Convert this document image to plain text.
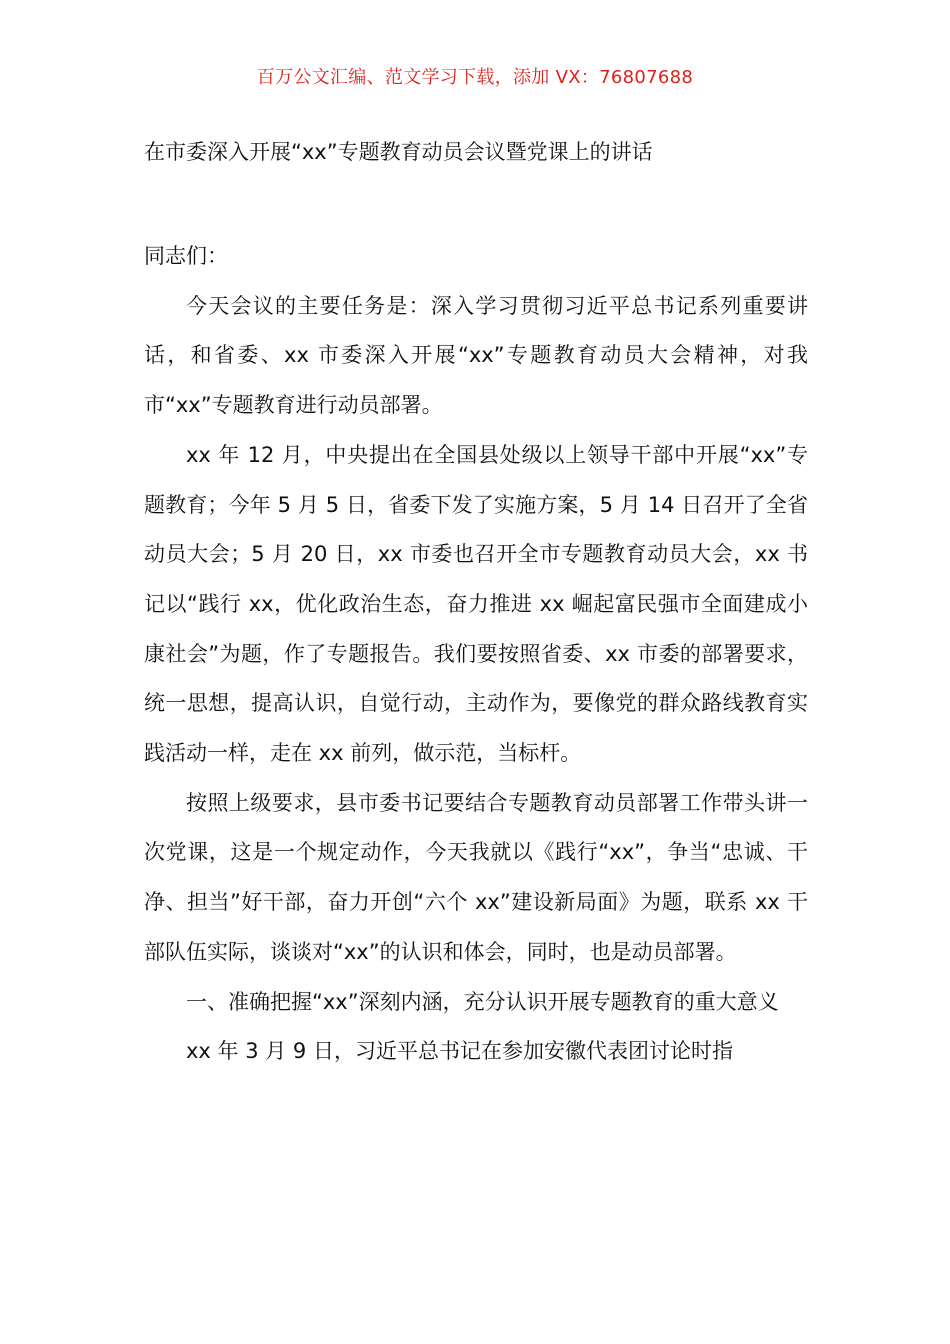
百万公文汇编、范文学习下载，添加 VX：76807688
在市委深入开展“xx”专题教育动员会议暨党课上的讲话

同志们：

今天会议的主要任务是：深入学习贯彻习近平总书记系列重要讲话，和省委、xx 市委深入开展“xx”专题教育动员大会精神，对我市“xx”专题教育进行动员部署。

xx 年 12 月，中央提出在全国县处级以上领导干部中开展“xx”专题教育；今年 5 月 5 日，省委下发了实施方案，5 月 14 日召开了全省动员大会；5 月 20 日，xx 市委也召开全市专题教育动员大会，xx 书记以“践行 xx，优化政治生态，奋力推进 xx 崛起富民强市全面建成小康社会”为题，作了专题报告。我们要按照省委、xx 市委的部署要求，统一思想，提高认识，自觉行动，主动作为，要像党的群众路线教育实践活动一样，走在 xx 前列，做示范，当标杆。

按照上级要求，县市委书记要结合专题教育动员部署工作带头讲一次党课，这是一个规定动作，今天我就以《践行“xx”，争当“忠诚、干净、担当”好干部，奋力开创“六个 xx”建设新局面》为题，联系 xx 干部队伍实际，谈谈对“xx”的认识和体会，同时，也是动员部署。

一、准确把握“xx”深刻内涵，充分认识开展专题教育的重大意义

xx 年 3 月 9 日，习近平总书记在参加安徽代表团讨论时指
